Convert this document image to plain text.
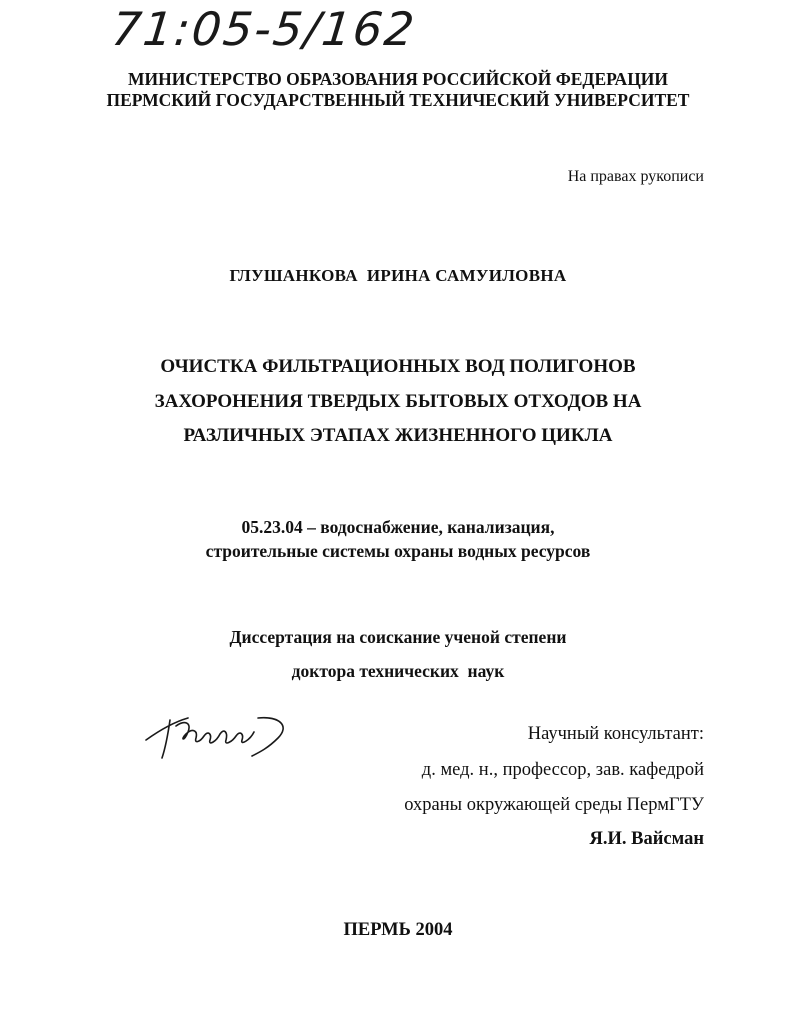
71:05-5/162
МИНИСТЕРСТВО ОБРАЗОВАНИЯ РОССИЙСКОЙ ФЕДЕРАЦИИ
ПЕРМСКИЙ ГОСУДАРСТВЕННЫЙ ТЕХНИЧЕСКИЙ УНИВЕРСИТЕТ
На правах рукописи
ГЛУШАНКОВА  ИРИНА САМУИЛОВНА
ОЧИСТКА ФИЛЬТРАЦИОННЫХ ВОД ПОЛИГОНОВ
ЗАХОРОНЕНИЯ ТВЕРДЫХ БЫТОВЫХ ОТХОДОВ НА
РАЗЛИЧНЫХ ЭТАПАХ ЖИЗНЕННОГО ЦИКЛА
05.23.04 – водоснабжение, канализация,
строительные системы охраны водных ресурсов
Диссертация на соискание ученой степени
доктора технических  наук
Научный консультант:
д. мед. н., профессор, зав. кафедрой
охраны окружающей среды ПермГТУ
Я.И. Вайсман
ПЕРМЬ 2004
